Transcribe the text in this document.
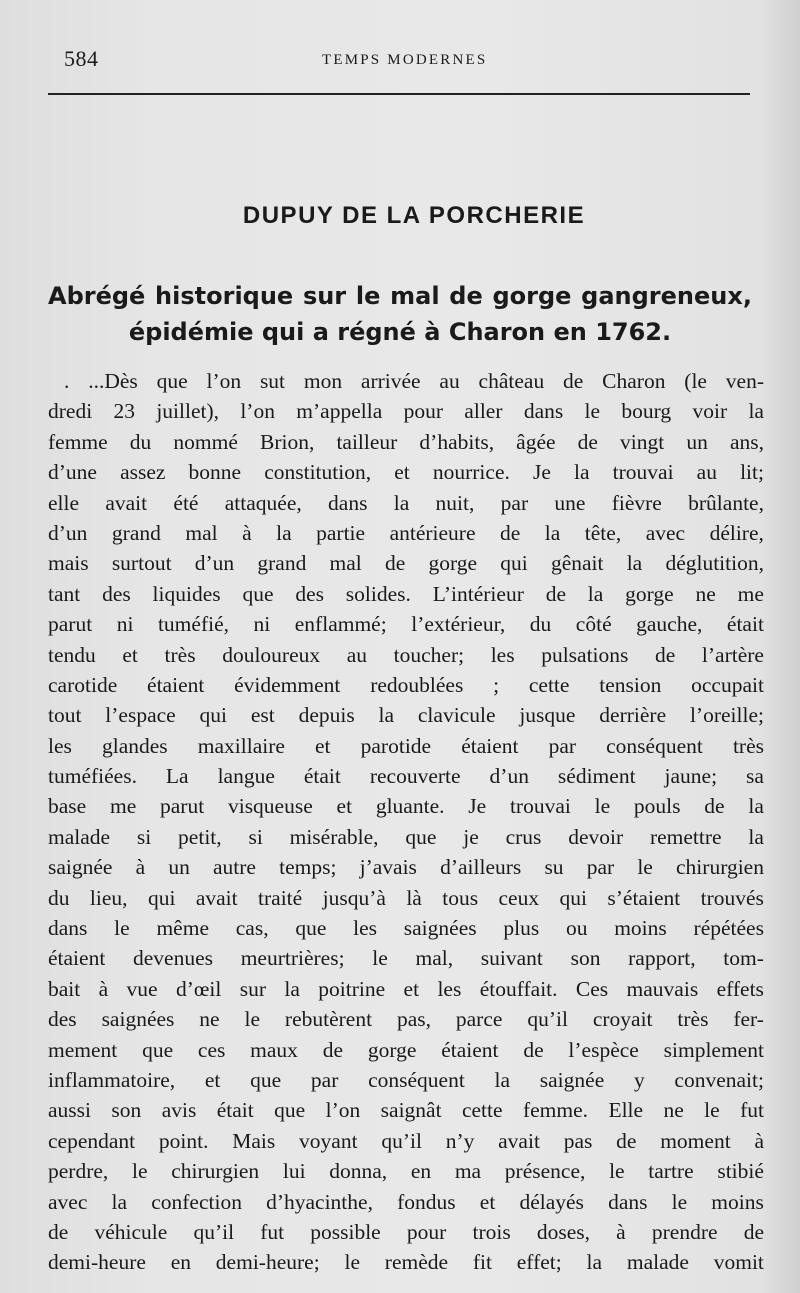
584	TEMPS MODERNES
DUPUY DE LA PORCHERIE
Abrégé historique sur le mal de gorge gangreneux,
épidémie qui a régné à Charon en 1762.
. ...Dès que l’on sut mon arrivée au château de Charon (le ven-
dredi 23 juillet), l’on m’appella pour aller dans le bourg voir la
femme du nommé Brion, tailleur d’habits, âgée de vingt un ans,
d’une assez bonne constitution, et nourrice. Je la trouvai au lit;
elle avait été attaquée, dans la nuit, par une fièvre brûlante,
d’un grand mal à la partie antérieure de la tête, avec délire,
mais surtout d’un grand mal de gorge qui gênait la déglutition,
tant des liquides que des solides. L’intérieur de la gorge ne me
parut ni tuméfié, ni enflammé; l’extérieur, du côté gauche, était
tendu et très douloureux au toucher; les pulsations de l’artère
carotide étaient évidemment redoublées ; cette tension occupait
tout l’espace qui est depuis la clavicule jusque derrière l’oreille;
les glandes maxillaire et parotide étaient par conséquent très
tuméfiées. La langue était recouverte d’un sédiment jaune; sa
base me parut visqueuse et gluante. Je trouvai le pouls de la
malade si petit, si misérable, que je crus devoir remettre la
saignée à un autre temps; j’avais d’ailleurs su par le chirurgien
du lieu, qui avait traité jusqu’à là tous ceux qui s’étaient trouvés
dans le même cas, que les saignées plus ou moins répétées
étaient devenues meurtrières; le mal, suivant son rapport, tom-
bait à vue d’œil sur la poitrine et les étouffait. Ces mauvais effets
des saignées ne le rebutèrent pas, parce qu’il croyait très fer-
mement que ces maux de gorge étaient de l’espèce simplement
inflammatoire, et que par conséquent la saignée y convenait;
aussi son avis était que l’on saignât cette femme. Elle ne le fut
cependant point. Mais voyant qu’il n’y avait pas de moment à
perdre, le chirurgien lui donna, en ma présence, le tartre stibié
avec la confection d’hyacinthe, fondus et délayés dans le moins
de véhicule qu’il fut possible pour trois doses, à prendre de
demi-heure en demi-heure; le remède fit effet; la malade vomit
